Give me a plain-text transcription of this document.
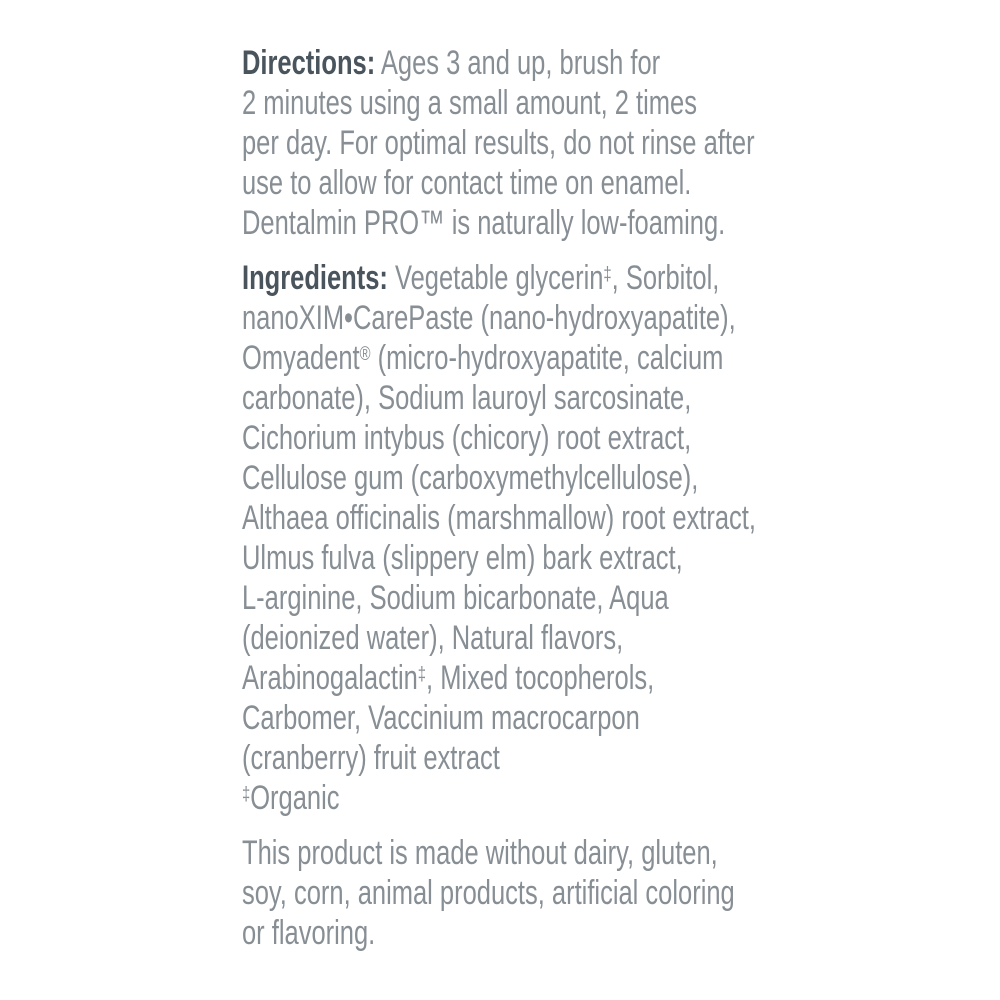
Directions: Ages 3 and up, brush for
2 minutes using a small amount, 2 times
per day. For optimal results, do not rinse after
use to allow for contact time on enamel.
Dentalmin PRO™ is naturally low-foaming.
Ingredients: Vegetable glycerin‡, Sorbitol,
nanoXIM•CarePaste (nano-hydroxyapatite),
Omyadent® (micro-hydroxyapatite, calcium
carbonate), Sodium lauroyl sarcosinate,
Cichorium intybus (chicory) root extract,
Cellulose gum (carboxymethylcellulose),
Althaea officinalis (marshmallow) root extract,
Ulmus fulva (slippery elm) bark extract,
L-arginine, Sodium bicarbonate, Aqua
(deionized water), Natural flavors,
Arabinogalactin‡, Mixed tocopherols,
Carbomer, Vaccinium macrocarpon
(cranberry) fruit extract
‡Organic
This product is made without dairy, gluten,
soy, corn, animal products, artificial coloring
or flavoring.
